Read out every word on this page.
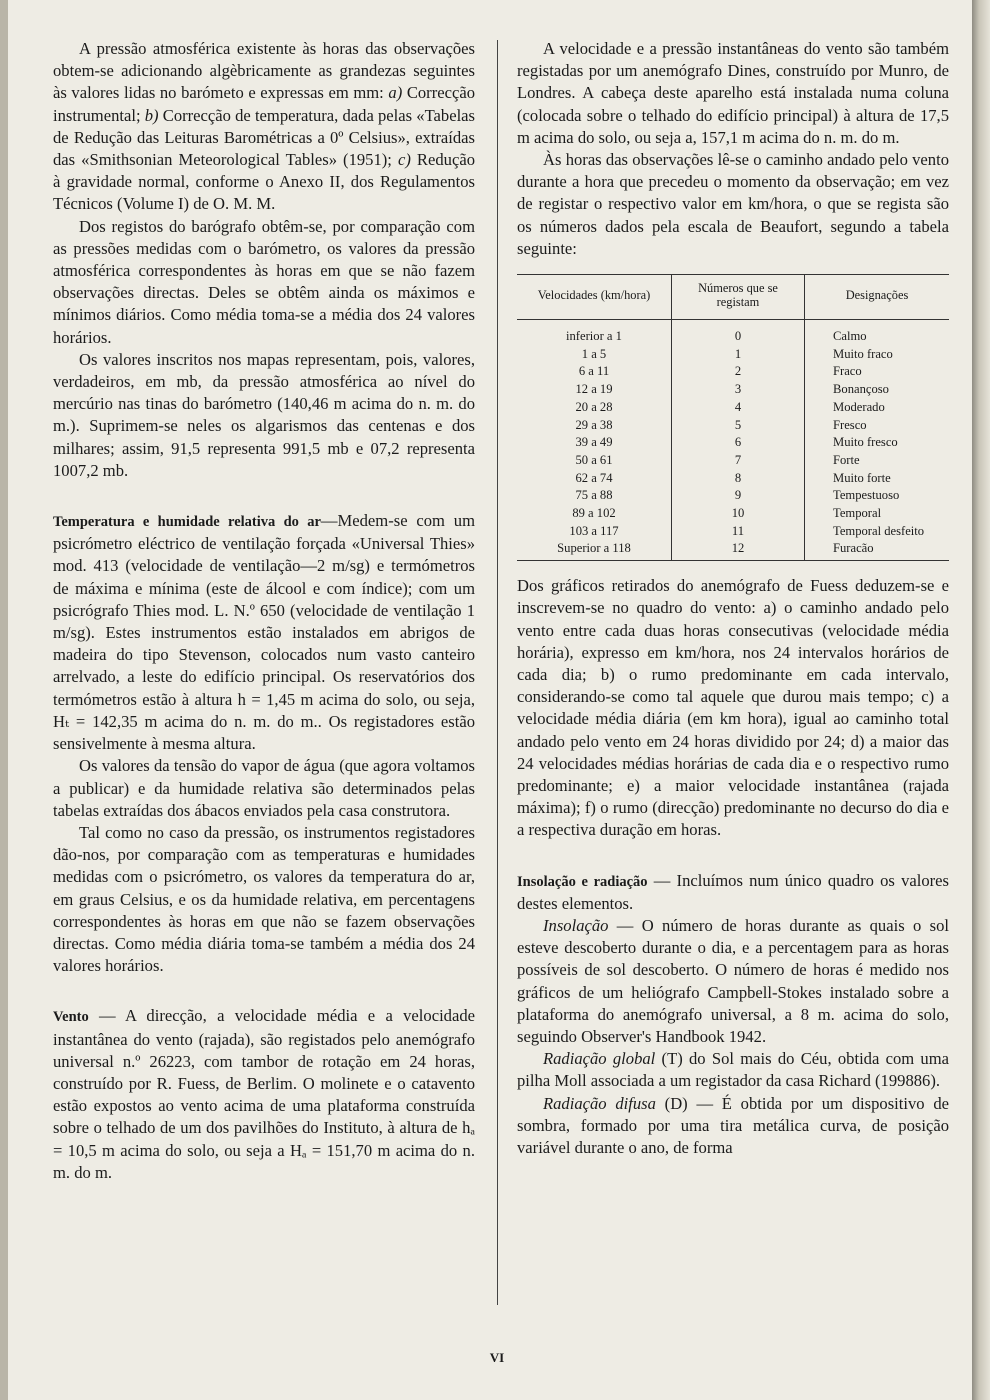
A pressão atmosférica existente às horas das observações obtem-se adicionando algèbricamente as grandezas seguintes às valores lidas no barómeto e expressas em mm: a) Correcção instrumental; b) Correcção de temperatura, dada pelas «Tabelas de Redução das Leituras Barométricas a 0º Celsius», extraídas das «Smithsonian Meteorological Tables» (1951); c) Redução à gravidade normal, conforme o Anexo II, dos Regulamentos Técnicos (Volume I) de O. M. M.

Dos registos do barógrafo obtêm-se, por comparação com as pressões medidas com o barómetro, os valores da pressão atmosférica correspondentes às horas em que se não fazem observações directas. Deles se obtêm ainda os máximos e mínimos diários. Como média toma-se a média dos 24 valores horários.

Os valores inscritos nos mapas representam, pois, valores, verdadeiros, em mb, da pressão atmosférica ao nível do mercúrio nas tinas do barómetro (140,46 m acima do n. m. do m.). Suprimem-se neles os algarismos das centenas e dos milhares; assim, 91,5 representa 991,5 mb e 07,2 representa 1007,2 mb.

Temperatura e humidade relativa do ar—Medem-se com um psicrómetro eléctrico de ventilação forçada «Universal Thies» mod. 413 (velocidade de ventilação—2 m/sg) e termómetros de máxima e mínima (este de álcool e com índice); com um psicrógrafo Thies mod. L. N.º 650 (velocidade de ventilação 1 m/sg). Estes instrumentos estão instalados em abrigos de madeira do tipo Stevenson, colocados num vasto canteiro arrelvado, a leste do edifício principal. Os reservatórios dos termómetros estão à altura h = 1,45 m acima do solo, ou seja, Hₜ = 142,35 m acima do n. m. do m.. Os registadores estão sensivelmente à mesma altura.

Os valores da tensão do vapor de água (que agora voltamos a publicar) e da humidade relativa são determinados pelas tabelas extraídas dos ábacos enviados pela casa construtora.

Tal como no caso da pressão, os instrumentos registadores dão-nos, por comparação com as temperaturas e humidades medidas com o psicrómetro, os valores da temperatura do ar, em graus Celsius, e os da humidade relativa, em percentagens correspondentes às horas em que não se fazem observações directas. Como média diária toma-se também a média dos 24 valores horários.

Vento — A direcção, a velocidade média e a velocidade instantânea do vento (rajada), são registados pelo anemógrafo universal n.º 26223, com tambor de rotação em 24 horas, construído por R. Fuess, de Berlim. O molinete e o catavento estão expostos ao vento acima de uma plataforma construída sobre o telhado de um dos pavilhões do Instituto, à altura de hₐ = 10,5 m acima do solo, ou seja a Hₐ = 151,70 m acima do n. m. do m.

A velocidade e a pressão instantâneas do vento são também registadas por um anemógrafo Dines, construído por Munro, de Londres. A cabeça deste aparelho está instalada numa coluna (colocada sobre o telhado do edifício principal) à altura de 17,5 m acima do solo, ou seja a, 157,1 m acima do n. m. do m.

Às horas das observações lê-se o caminho andado pelo vento durante a hora que precedeu o momento da observação; em vez de registar o respectivo valor em km/hora, o que se regista são os números dados pela escala de Beaufort, segundo a tabela seguinte:

Velocidades (km/hora)	Números que se registam	Designações
inferior a 1	0	Calmo
1 a 5	1	Muito fraco
6 a 11	2	Fraco
12 a 19	3	Bonançoso
20 a 28	4	Moderado
29 a 38	5	Fresco
39 a 49	6	Muito fresco
50 a 61	7	Forte
62 a 74	8	Muito forte
75 a 88	9	Tempestuoso
89 a 102	10	Temporal
103 a 117	11	Temporal desfeito
Superior a 118	12	Furacão

Dos gráficos retirados do anemógrafo de Fuess deduzem-se e inscrevem-se no quadro do vento: a) o caminho andado pelo vento entre cada duas horas consecutivas (velocidade média horária), expresso em km/hora, nos 24 intervalos horários de cada dia; b) o rumo predominante em cada intervalo, considerando-se como tal aquele que durou mais tempo; c) a velocidade média diária (em km hora), igual ao caminho total andado pelo vento em 24 horas dividido por 24; d) a maior das 24 velocidades médias horárias de cada dia e o respectivo rumo predominante; e) a maior velocidade instantânea (rajada máxima); f) o rumo (direcção) predominante no decurso do dia e a respectiva duração em horas.

Insolação e radiação — Incluímos num único quadro os valores destes elementos.

Insolação — O número de horas durante as quais o sol esteve descoberto durante o dia, e a percentagem para as horas possíveis de sol descoberto. O número de horas é medido nos gráficos de um heliógrafo Campbell-Stokes instalado sobre a plataforma do anemógrafo universal, a 8 m. acima do solo, seguindo Observer's Handbook 1942.

Radiação global (T) do Sol mais do Céu, obtida com uma pilha Moll associada a um registador da casa Richard (199886).

Radiação difusa (D) — É obtida por um dispositivo de sombra, formado por uma tira metálica curva, de posição variável durante o ano, de forma

VI
